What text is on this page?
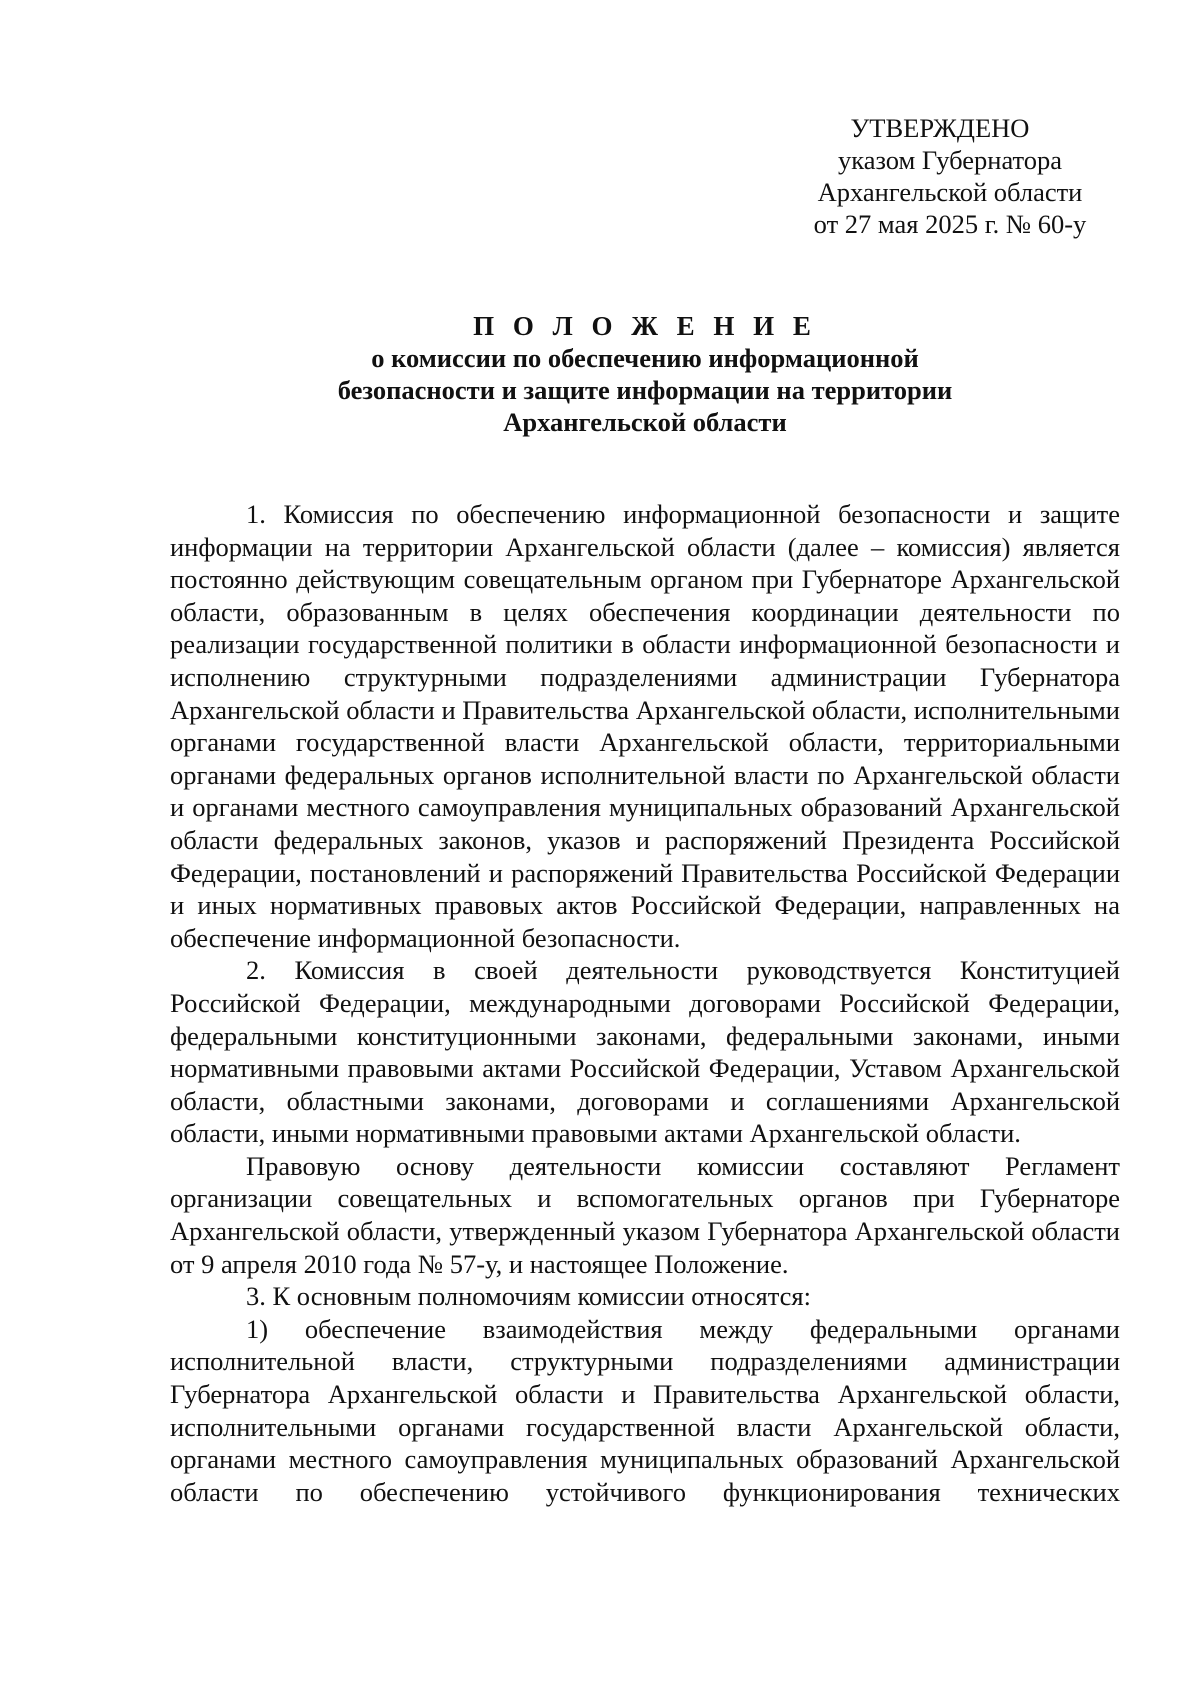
УТВЕРЖДЕНО
указом Губернатора
Архангельской области
от 27 мая 2025 г. № 60-у
П О Л О Ж Е Н И Е
о комиссии по обеспечению информационной
безопасности и защите информации на территории
Архангельской области

1. Комиссия по обеспечению информационной безопасности и защите информации на территории Архангельской области (далее – комиссия) является постоянно действующим совещательным органом при Губернаторе Архангельской области, образованным в целях обеспечения координации деятельности по реализации государственной политики в области информационной безопасности и исполнению структурными подразделениями администрации Губернатора Архангельской области и Правительства Архангельской области, исполнительными органами государственной власти Архангельской области, территориальными органами федеральных органов исполнительной власти по Архангельской области и органами местного самоуправления муниципальных образований Архангельской области федеральных законов, указов и распоряжений Президента Российской Федерации, постановлений и распоряжений Правительства Российской Федерации и иных нормативных правовых актов Российской Федерации, направленных на обеспечение информационной безопасности.

2. Комиссия в своей деятельности руководствуется Конституцией Российской Федерации, международными договорами Российской Федерации, федеральными конституционными законами, федеральными законами, иными нормативными правовыми актами Российской Федерации, Уставом Архангельской области, областными законами, договорами и соглашениями Архангельской области, иными нормативными правовыми актами Архангельской области.

Правовую основу деятельности комиссии составляют Регламент организации совещательных и вспомогательных органов при Губернаторе Архангельской области, утвержденный указом Губернатора Архангельской области от 9 апреля 2010 года № 57-у, и настоящее Положение.

3. К основным полномочиям комиссии относятся:

1) обеспечение взаимодействия между федеральными органами исполнительной власти, структурными подразделениями администрации Губернатора Архангельской области и Правительства Архангельской области, исполнительными органами государственной власти Архангельской области, органами местного самоуправления муниципальных образований Архангельской области по обеспечению устойчивого функционирования технических
